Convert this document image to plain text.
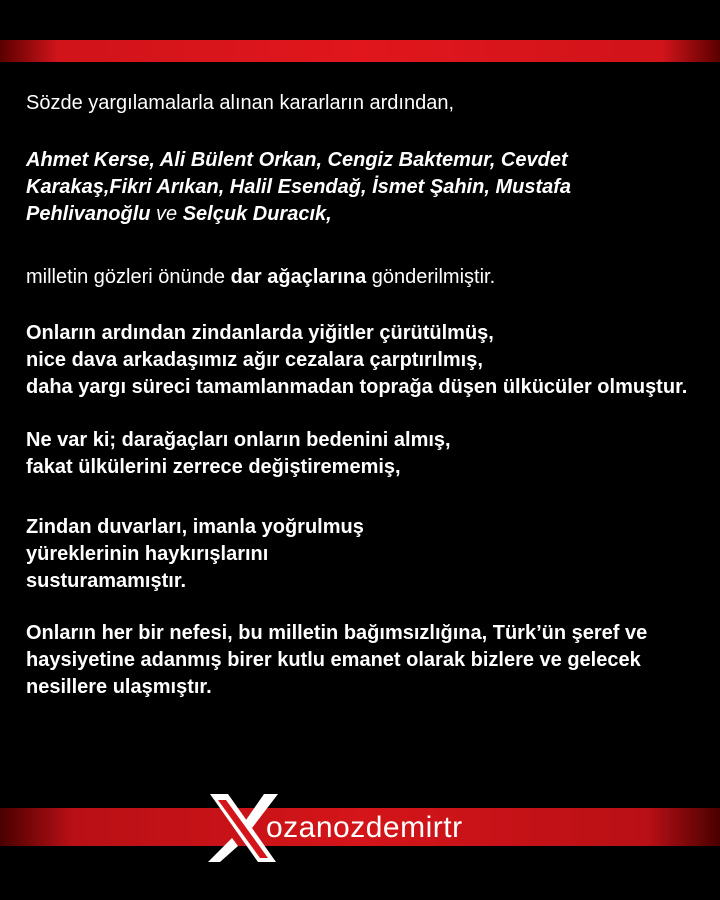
Sözde yargılamalarla alınan kararların ardından,

Ahmet Kerse, Ali Bülent Orkan, Cengiz Baktemur, Cevdet Karakaş,Fikri Arıkan, Halil Esendağ, İsmet Şahin, Mustafa Pehlivanoğlu ve Selçuk Duracık,

milletin gözleri önünde dar ağaçlarına gönderilmiştir.

Onların ardından zindanlarda yiğitler çürütülmüş,
nice dava arkadaşımız ağır cezalara çarptırılmış,
daha yargı süreci tamamlanmadan toprağa düşen ülkücüler olmuştur.
Ne var ki; darağaçları onların bedenini almış,
fakat ülkülerini zerrece değiştirememiş,
Zindan duvarları, imanla yoğrulmuş
yüreklerinin haykırışlarını
susturamamıştır.
Onların her bir nefesi, bu milletin bağımsızlığına, Türk’ün şeref ve haysiyetine adanmış birer kutlu emanet olarak bizlere ve gelecek nesillere ulaşmıştır.
ozanozdemirtr
